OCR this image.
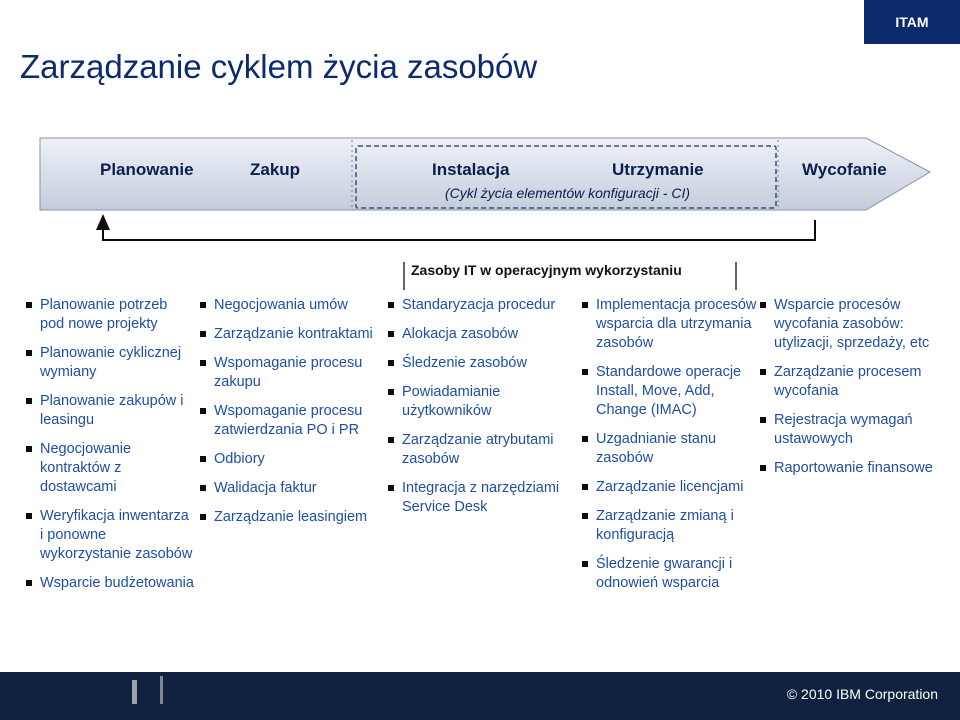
ITAM
Zarządzanie cyklem życia zasobów
Planowanie	Zakup	Instalacja	Utrzymanie	Wycofanie
(Cykl życia elementów konfiguracji - CI)
Zasoby IT w operacyjnym wykorzystaniu
Planowanie potrzeb pod nowe projekty
Planowanie cyklicznej wymiany
Planowanie zakupów i leasingu
Negocjowanie kontraktów z dostawcami
Weryfikacja inwentarza i ponowne wykorzystanie zasobów
Wsparcie budżetowania
Negocjowania umów
Zarządzanie kontraktami
Wspomaganie procesu zakupu
Wspomaganie procesu zatwierdzania PO i PR
Odbiory
Walidacja faktur
Zarządzanie leasingiem
Standaryzacja procedur
Alokacja zasobów
Śledzenie zasobów
Powiadamianie użytkowników
Zarządzanie atrybutami zasobów
Integracja z narzędziami Service Desk
Implementacja procesów wsparcia dla utrzymania zasobów
Standardowe operacje Install, Move, Add, Change (IMAC)
Uzgadnianie stanu zasobów
Zarządzanie licencjami
Zarządzanie zmianą i konfiguracją
Śledzenie gwarancji i odnowień wsparcia
Wsparcie procesów wycofania zasobów: utylizacji, sprzedaży, etc
Zarządzanie procesem wycofania
Rejestracja wymagań ustawowych
Raportowanie finansowe
© 2010 IBM Corporation
